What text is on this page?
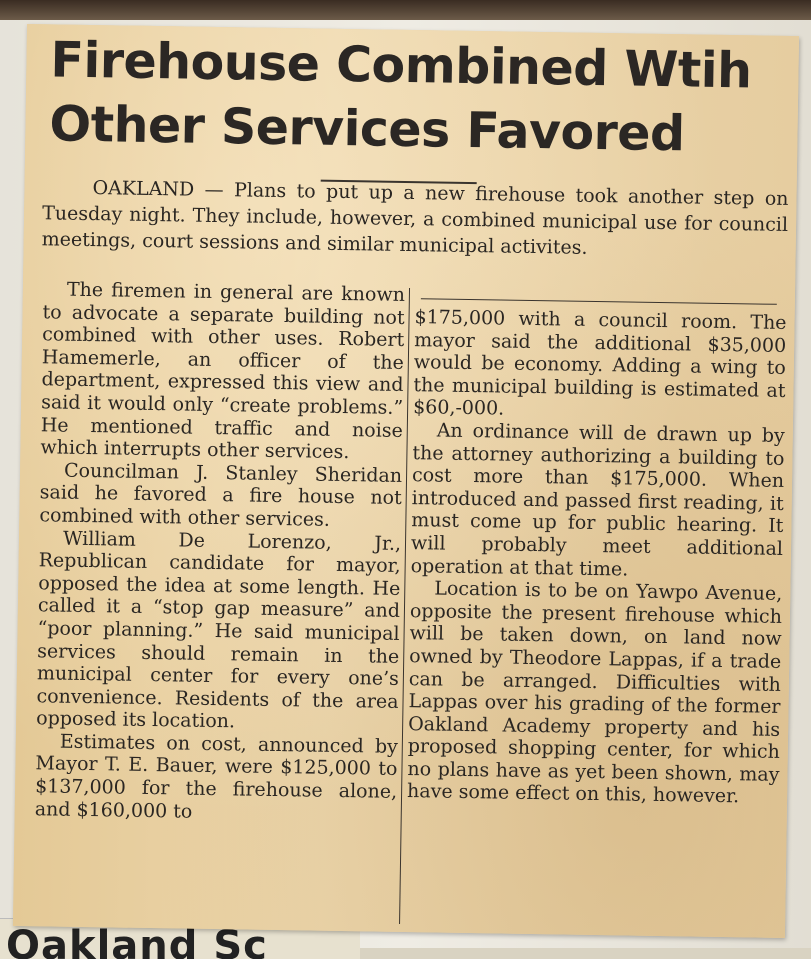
Oakland Sc
Firehouse Combined Wtih Other Services Favored

OAKLAND — Plans to put up a new firehouse took another step on Tuesday night. They include, however, a combined municipal use for council meetings, court sessions and similar municipal activites.

The firemen in general are known to advocate a separate building not combined with other uses. Robert Hamemerle, an officer of the department, expressed this view and said it would only “create problems.” He mentioned traffic and noise which interrupts other services.

Councilman J. Stanley Sheridan said he favored a fire house not combined with other services.

William De Lorenzo, Jr., Republican candidate for mayor, opposed the idea at some length. He called it a “stop gap measure” and “poor planning.” He said municipal services should remain in the municipal center for every one’s convenience. Residents of the area opposed its location.

Estimates on cost, announced by Mayor T. E. Bauer, were $125,000 to $137,000 for the firehouse alone, and $160,000 to

$175,000 with a council room. The mayor said the additional $35,000 would be economy. Adding a wing to the municipal building is estimated at $60,-000.

An ordinance will de drawn up by the attorney authorizing a building to cost more than $175,000. When introduced and passed first reading, it must come up for public hearing. It will probably meet additional operation at that time.

Location is to be on Yawpo Avenue, opposite the present firehouse which will be taken down, on land now owned by Theodore Lappas, if a trade can be arranged. Difficulties with Lappas over his grading of the former Oakland Academy property and his proposed shopping center, for which no plans have as yet been shown, may have some effect on this, however.
